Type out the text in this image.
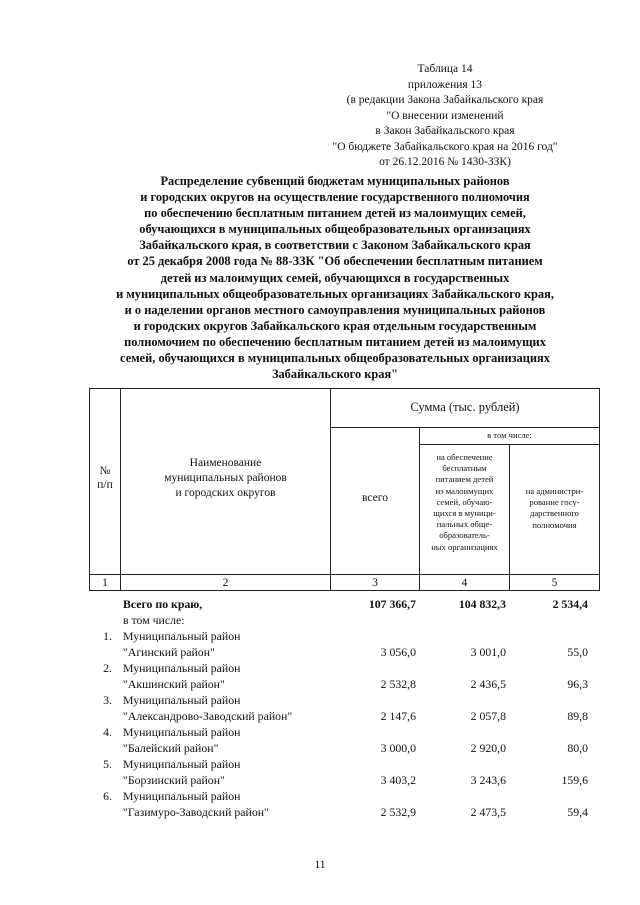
Таблица 14
приложения 13
(в редакции Закона Забайкальского края
"О внесении изменений
в Закон Забайкальского края
"О бюджете Забайкальского края на 2016 год"
от 26.12.2016 № 1430-ЗЗК)
Распределение субвенций бюджетам муниципальных районов
и городских округов на осуществление государственного полномочия
по обеспечению бесплатным питанием детей из малоимущих семей,
обучающихся в муниципальных общеобразовательных организациях
Забайкальского края, в соответствии с Законом Забайкальского края
от 25 декабря 2008 года № 88-ЗЗК "Об обеспечении бесплатным питанием
детей из малоимущих семей, обучающихся в государственных
и муниципальных общеобразовательных организациях Забайкальского края,
и о наделении органов местного самоуправления муниципальных районов
и городских округов Забайкальского края отдельным государственным
полномочием по обеспечению бесплатным питанием детей из малоимущих
семей, обучающихся в муниципальных общеобразовательных организациях
Забайкальского края"
№
п/п
Наименование
муниципальных районов
и городских округов
Сумма (тыс. рублей)
всего
в том числе:
на обеспечение
бесплатным
питанием детей
из малоимущих
семей, обучаю-
щихся в муници-
пальных обще-
образователь-
ных организациях
на администри-
рование госу-
дарственного
полномочия
1	2	3	4	5
Всего по краю,	107 366,7	104 832,3	2 534,4
в том числе:
1. Муниципальный район
"Агинский район"	3 056,0	3 001,0	55,0
2. Муниципальный район
"Акшинский район"	2 532,8	2 436,5	96,3
3. Муниципальный район
"Александрово-Заводский район"	2 147,6	2 057,8	89,8
4. Муниципальный район
"Балейский район"	3 000,0	2 920,0	80,0
5. Муниципальный район
"Борзинский район"	3 403,2	3 243,6	159,6
6. Муниципальный район
"Газимуро-Заводский район"	2 532,9	2 473,5	59,4
11
